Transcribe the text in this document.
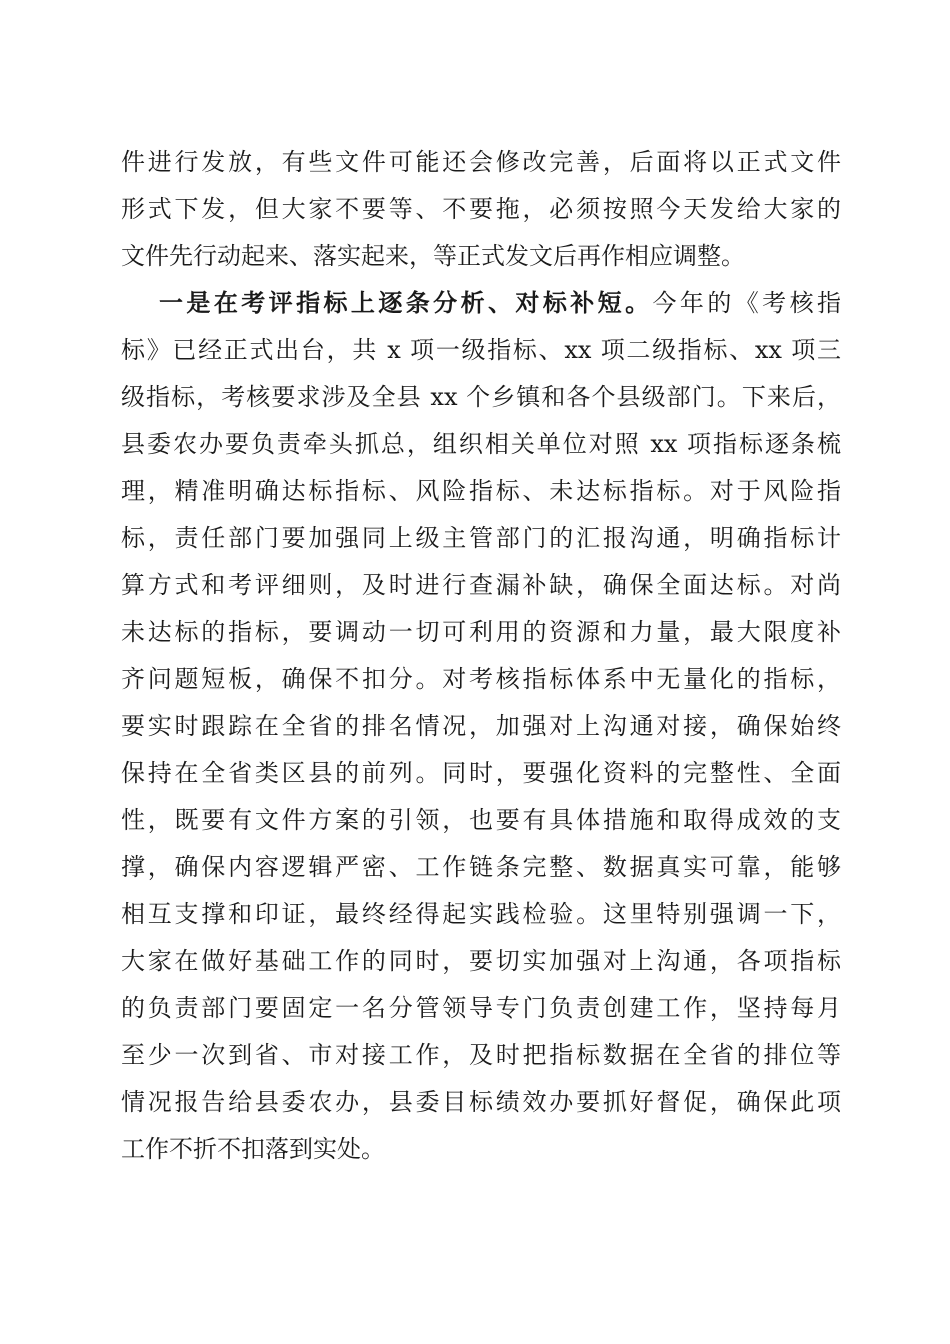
件进行发放，有些文件可能还会修改完善，后面将以正式文件
形式下发，但大家不要等、不要拖，必须按照今天发给大家的
文件先行动起来、落实起来，等正式发文后再作相应调整。
一是在考评指标上逐条分析、对标补短。今年的《考核指
标》已经正式出台，共 x 项一级指标、xx 项二级指标、xx 项三
级指标，考核要求涉及全县 xx 个乡镇和各个县级部门。下来后，
县委农办要负责牵头抓总，组织相关单位对照 xx 项指标逐条梳
理，精准明确达标指标、风险指标、未达标指标。对于风险指
标，责任部门要加强同上级主管部门的汇报沟通，明确指标计
算方式和考评细则，及时进行查漏补缺，确保全面达标。对尚
未达标的指标，要调动一切可利用的资源和力量，最大限度补
齐问题短板，确保不扣分。对考核指标体系中无量化的指标，
要实时跟踪在全省的排名情况，加强对上沟通对接，确保始终
保持在全省类区县的前列。同时，要强化资料的完整性、全面
性，既要有文件方案的引领，也要有具体措施和取得成效的支
撑，确保内容逻辑严密、工作链条完整、数据真实可靠，能够
相互支撑和印证，最终经得起实践检验。这里特别强调一下，
大家在做好基础工作的同时，要切实加强对上沟通，各项指标
的负责部门要固定一名分管领导专门负责创建工作，坚持每月
至少一次到省、市对接工作，及时把指标数据在全省的排位等
情况报告给县委农办，县委目标绩效办要抓好督促，确保此项
工作不折不扣落到实处。
